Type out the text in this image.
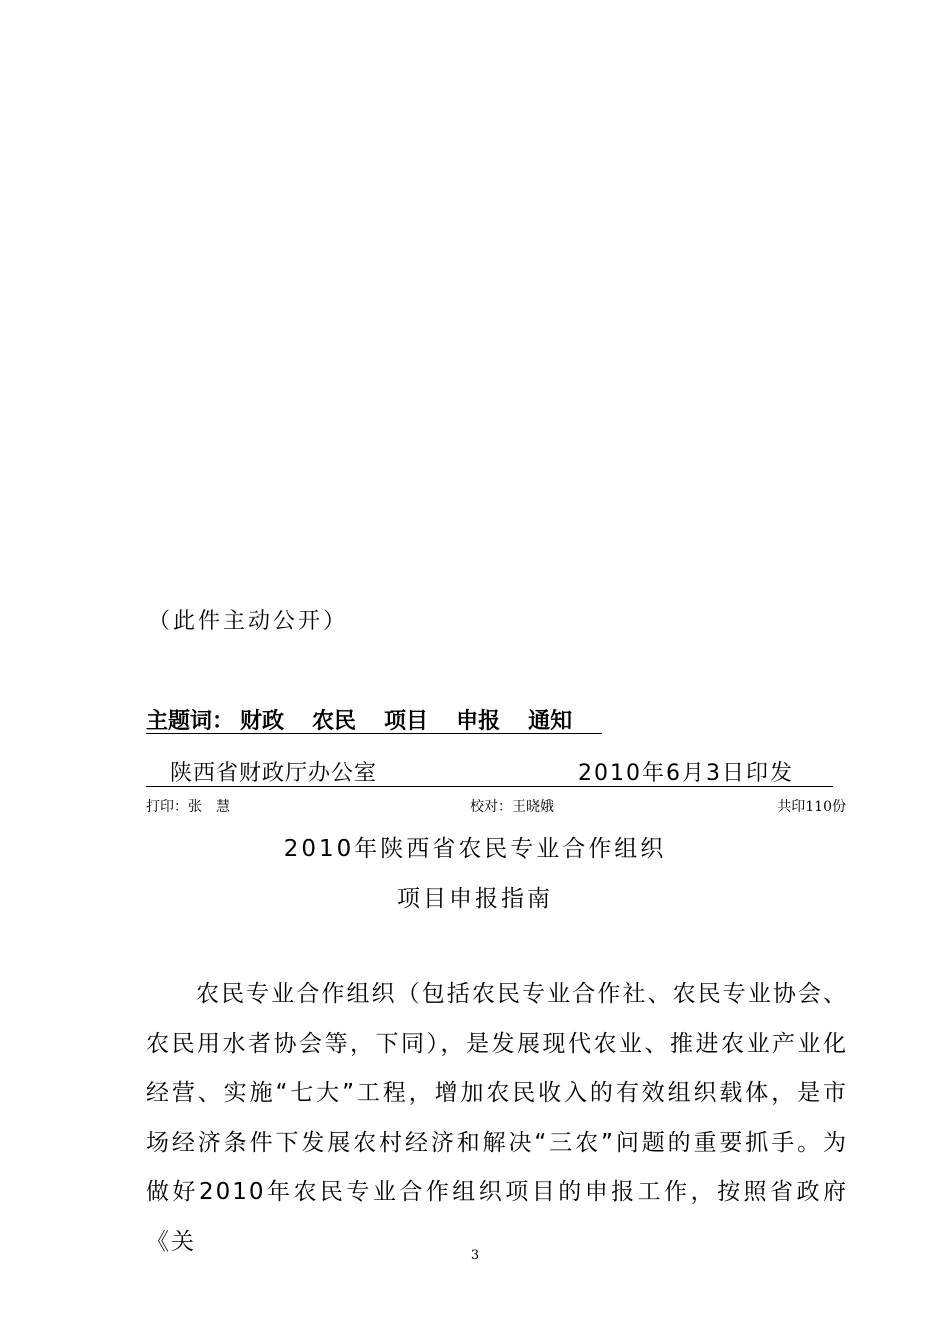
（此件主动公开）
主题词： 财政 农民 项目 申报 通知
陕西省财政厅办公室	2010年6月3日印发
打印：张　慧	校对：王晓娥	共印110份
2010年陕西省农民专业合作组织
项目申报指南
农民专业合作组织（包括农民专业合作社、农民专业协会、农民用水者协会等，下同），是发展现代农业、推进农业产业化经营、实施“七大”工程，增加农民收入的有效组织载体，是市场经济条件下发展农村经济和解决“三农”问题的重要抓手。为做好2010年农民专业合作组织项目的申报工作，按照省政府《关
3
